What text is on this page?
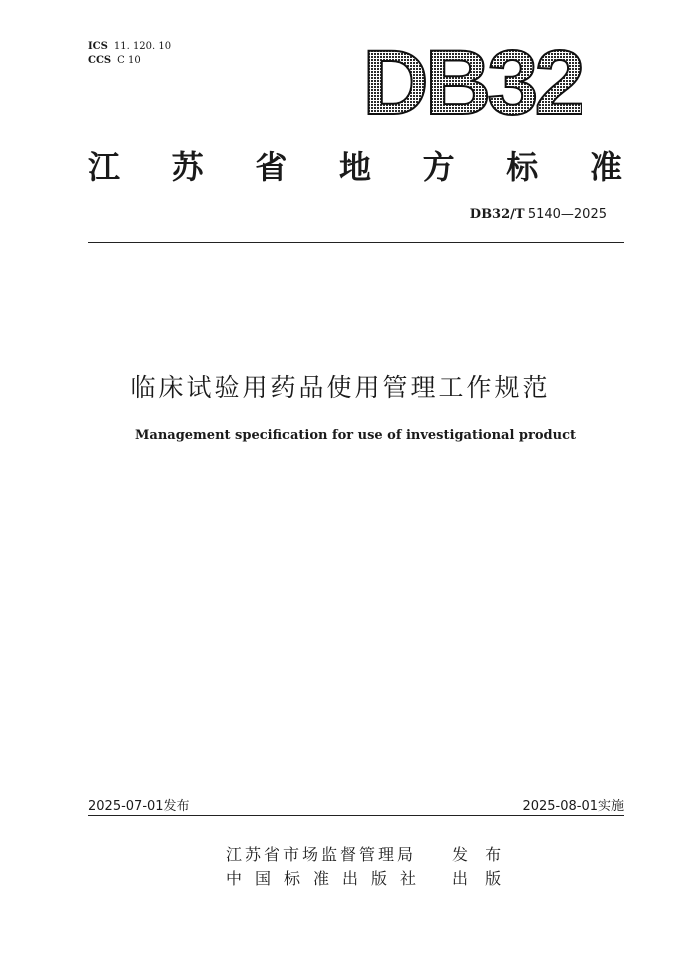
ICS 11. 120. 10
CCS C 10	DB32
江 苏 省 地 方 标 准
DB32/T 5140—2025
临床试验用药品使用管理工作规范
Management specification for use of investigational product
2025-07-01发布	2025-08-01实施
江苏省市场监督管理局 发 布
中国标准出版社 出 版
